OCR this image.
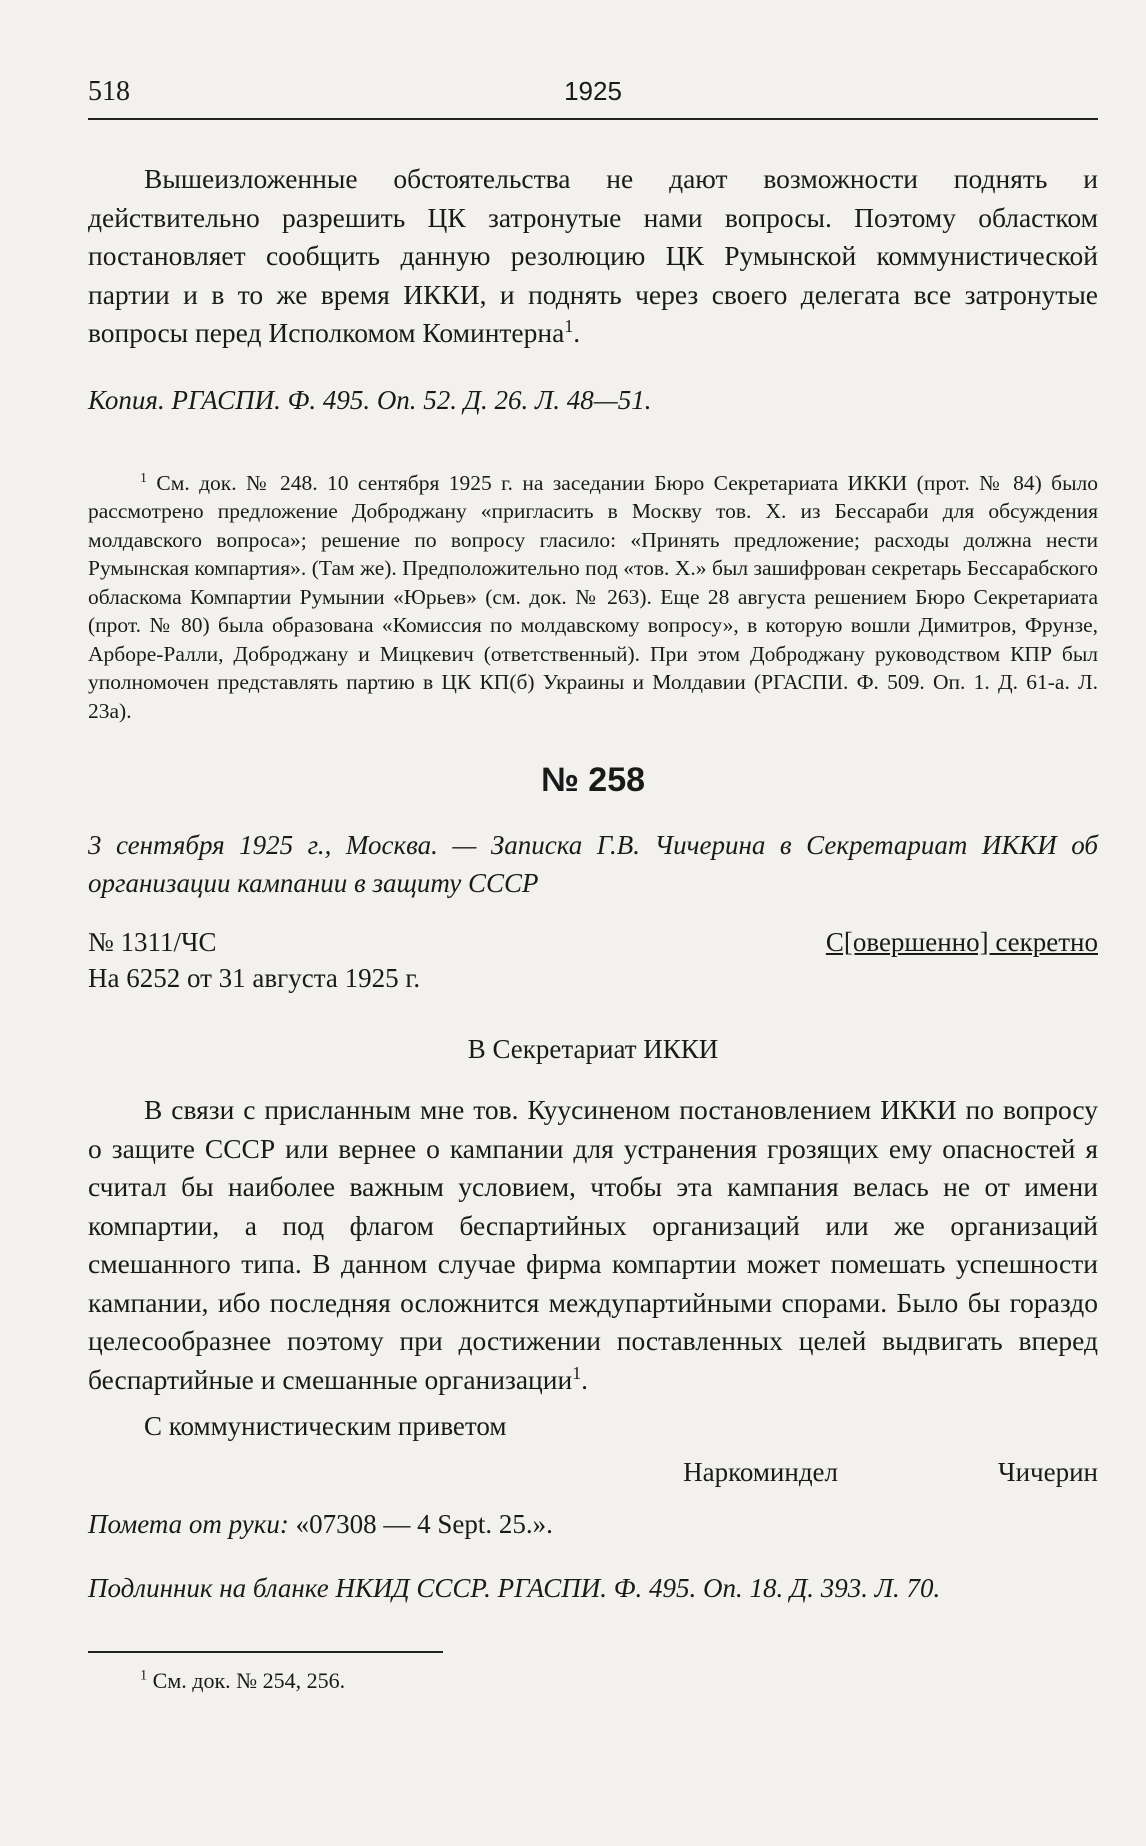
518	1925

Вышеизложенные обстоятельства не дают возможности поднять и действительно разрешить ЦК затронутые нами вопросы. Поэтому областком постановляет сообщить данную резолюцию ЦК Румынской коммунистической партии и в то же время ИККИ, и поднять через своего делегата все затронутые вопросы перед Исполкомом Коминтерна$^1$.

Копия. РГАСПИ. Ф. 495. Оп. 52. Д. 26. Л. 48—51.

$^1$ См. док. № 248. 10 сентября 1925 г. на заседании Бюро Секретариата ИККИ (прот. № 84) было рассмотрено предложение Доброджану «пригласить в Москву тов. Х. из Бессараби для обсуждения молдавского вопроса»; решение по вопросу гласило: «Принять предложение; расходы должна нести Румынская компартия». (Там же). Предположительно под «тов. Х.» был зашифрован секретарь Бессарабского обласкома Компартии Румынии «Юрьев» (см. док. № 263). Еще 28 августа решением Бюро Секретариата (прот. № 80) была образована «Комиссия по молдавскому вопросу», в которую вошли Димитров, Фрунзе, Арборе-Ралли, Доброджану и Мицкевич (ответственный). При этом Доброджану руководством КПР был уполномочен представлять партию в ЦК КП(б) Украины и Молдавии (РГАСПИ. Ф. 509. Оп. 1. Д. 61-а. Л. 23а).

№ 258

3 сентября 1925 г., Москва. — Записка Г.В. Чичерина в Секретариат ИККИ об организации кампании в защиту СССР

№ 1311/ЧС	С[овершенно] секретно
На 6252 от 31 августа 1925 г.
В Секретариат ИККИ

В связи с присланным мне тов. Куусиненом постановлением ИККИ по вопросу о защите СССР или вернее о кампании для устранения грозящих ему опасностей я считал бы наиболее важным условием, чтобы эта кампания велась не от имени компартии, а под флагом беспартийных организаций или же организаций смешанного типа. В данном случае фирма компартии может помешать успешности кампании, ибо последняя осложнится междупартийными спорами. Было бы гораздо целесообразнее поэтому при достижении поставленных целей выдвигать вперед беспартийные и смешанные организации$^1$.

С коммунистическим приветом

Наркоминдел	Чичерин
Помета от руки: «07308 — 4 Sept. 25.».

Подлинник на бланке НКИД СССР. РГАСПИ. Ф. 495. Оп. 18. Д. 393. Л. 70.

$^1$ См. док. № 254, 256.
